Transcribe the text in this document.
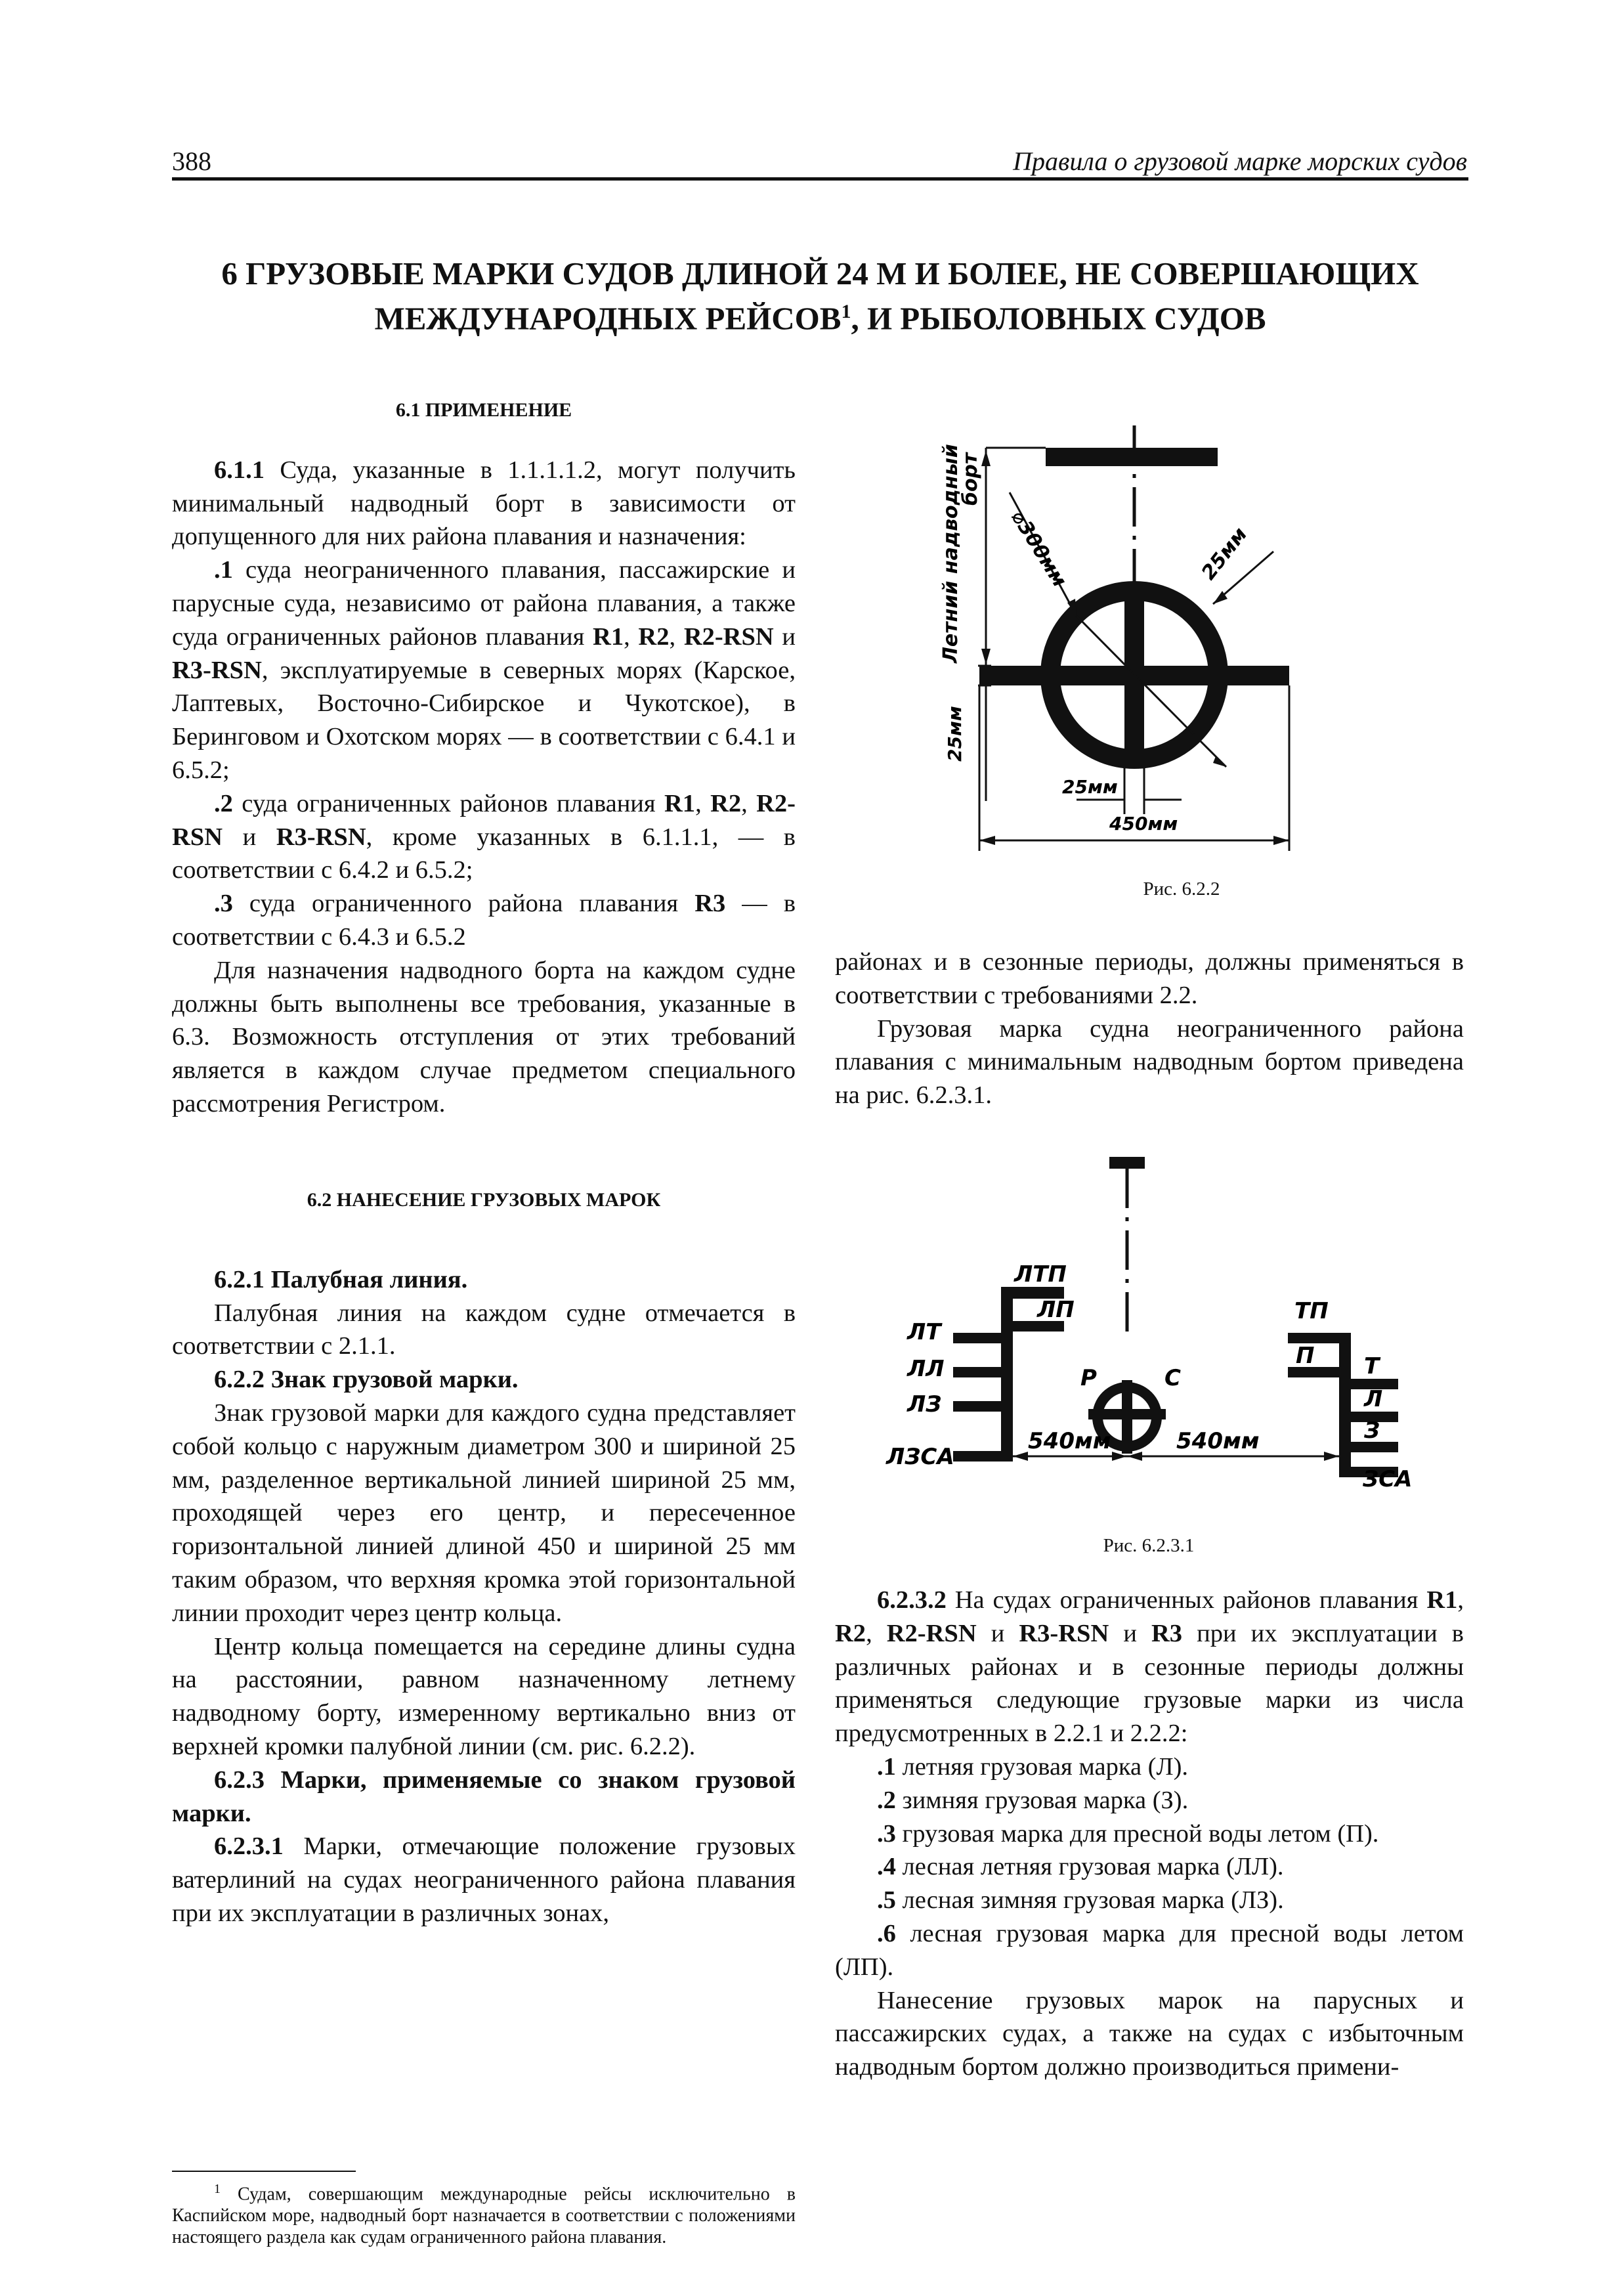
388	Правила о грузовой марке морских судов
6 ГРУЗОВЫЕ МАРКИ СУДОВ ДЛИНОЙ 24 М И БОЛЕЕ, НЕ СОВЕРШАЮЩИХ
МЕЖДУНАРОДНЫХ РЕЙСОВ$^1$, И РЫБОЛОВНЫХ СУДОВ

6.1 ПРИМЕНЕНИЕ

6.1.1 Суда, указанные в 1.1.1.1.2, могут получить минимальный надводный борт в зависимости от допущенного для них района плавания и назначения:

.1 суда неограниченного плавания, пассажирские и парусные суда, независимо от района плавания, а также суда ограниченных районов плавания R1, R2, R2-RSN и R3-RSN, эксплуатируемые в северных морях (Карское, Лаптевых, Восточно-Сибирское и Чукотское), в Беринговом и Охотском морях — в соответствии с 6.4.1 и 6.5.2;

.2 суда ограниченных районов плавания R1, R2, R2-RSN и R3-RSN, кроме указанных в 6.1.1.1, — в соответствии с 6.4.2 и 6.5.2;

.3 суда ограниченного района плавания R3 — в соответствии с 6.4.3 и 6.5.2

Для назначения надводного борта на каждом судне должны быть выполнены все требования, указанные в 6.3. Возможность отступления от этих требований является в каждом случае предметом специального рассмотрения Регистром.

6.2 НАНЕСЕНИЕ ГРУЗОВЫХ МАРОК

6.2.1 Палубная линия.

Палубная линия на каждом судне отмечается в соответствии с 2.1.1.

6.2.2 Знак грузовой марки.

Знак грузовой марки для каждого судна представляет собой кольцо с наружным диаметром 300 и шириной 25 мм, разделенное вертикальной линией шириной 25 мм, проходящей через его центр, и пересеченное горизонтальной линией длиной 450 и шириной 25 мм таким образом, что верхняя кромка этой горизонтальной линии проходит через центр кольца.

Центр кольца помещается на середине длины судна на расстоянии, равном назначенному летнему надводному борту, измеренному вертикально вниз от верхней кромки палубной линии (см. рис. 6.2.2).

6.2.3 Марки, применяемые со знаком грузовой марки.

6.2.3.1 Марки, отмечающие положение грузовых ватерлиний на судах неограниченного района плавания при их эксплуатации в различных зонах,

$^1$ Судам, совершающим международные рейсы исключительно в Каспийском море, надводный борт назначается в соответствии с положениями настоящего раздела как судам ограниченного района плавания.
Летний надводный
борт
⌀300мм	25мм
25мм
25мм
450мм
Рис. 6.2.2

районах и в сезонные периоды, должны применяться в соответствии с требованиями 2.2.

Грузовая марка судна неограниченного района плавания с минимальным надводным бортом приведена на рис. 6.2.3.1.

ЛТП
ЛП
ЛТ
ЛЛ
ЛЗ
ЛЗСА
ТП
П Т
Л
З
ЗСА
Р	С
540мм	540мм
Рис. 6.2.3.1

6.2.3.2 На судах ограниченных районов плавания R1, R2, R2-RSN и R3-RSN и R3 при их эксплуатации в различных районах и в сезонные периоды должны применяться следующие грузовые марки из числа предусмотренных в 2.2.1 и 2.2.2:

.1 летняя грузовая марка (Л).

.2 зимняя грузовая марка (З).

.3 грузовая марка для пресной воды летом (П).

.4 лесная летняя грузовая марка (ЛЛ).

.5 лесная зимняя грузовая марка (ЛЗ).

.6 лесная грузовая марка для пресной воды летом (ЛП).

Нанесение грузовых марок на парусных и пассажирских судах, а также на судах с избыточным надводным бортом должно производиться примени-
